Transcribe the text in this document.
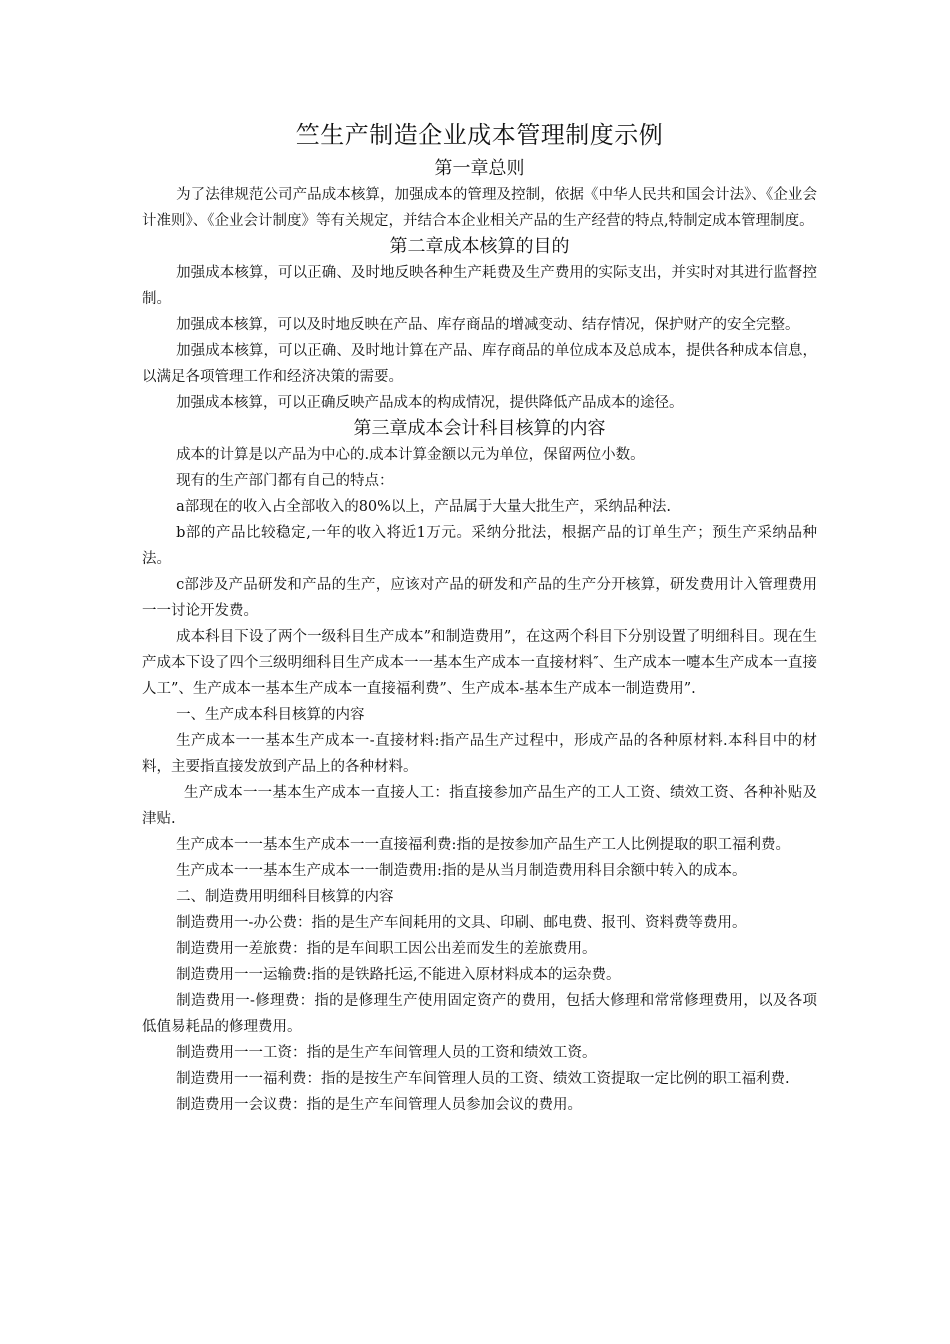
竺生产制造企业成本管理制度示例
第一章总则

为了法律规范公司产品成本核算，加强成本的管理及控制，依据《中华人民共和国会计法》、《企业会计准则》、《企业会计制度》等有关规定，并结合本企业相关产品的生产经营的特点,特制定成本管理制度。

第二章成本核算的目的

加强成本核算，可以正确、及时地反映各种生产耗费及生产费用的实际支出，并实时对其进行监督控制。

加强成本核算，可以及时地反映在产品、库存商品的增减变动、结存情况，保护财产的安全完整。

加强成本核算，可以正确、及时地计算在产品、库存商品的单位成本及总成本，提供各种成本信息，以满足各项管理工作和经济决策的需要。

加强成本核算，可以正确反映产品成本的构成情况，提供降低产品成本的途径。

第三章成本会计科目核算的内容

成本的计算是以产品为中心的.成本计算金额以元为单位，保留两位小数。

现有的生产部门都有自己的特点：

a部现在的收入占全部收入的80%以上，产品属于大量大批生产，采纳品种法.

b部的产品比较稳定,一年的收入将近1万元。采纳分批法，根据产品的订单生产；预生产采纳品种法。

c部涉及产品研发和产品的生产，应该对产品的研发和产品的生产分开核算，研发费用计入管理费用一一讨论开发费。

成本科目下设了两个一级科目生产成本”和制造费用”，在这两个科目下分别设置了明细科目。现在生产成本下设了四个三级明细科目生产成本一一基本生产成本一直接材料″、生产成本一嚏本生产成本一直接人工”、生产成本一基本生产成本一直接福利费”、生产成本-基本生产成本一制造费用”.

一、生产成本科目核算的内容

生产成本一一基本生产成本一-直接材料:指产品生产过程中，形成产品的各种原材料.本科目中的材料，主要指直接发放到产品上的各种材料。

生产成本一一基本生产成本一直接人工：指直接参加产品生产的工人工资、绩效工资、各种补贴及津贴.

生产成本一一基本生产成本一一直接福利费:指的是按参加产品生产工人比例提取的职工福利费。

生产成本一一基本生产成本一一制造费用:指的是从当月制造费用科目余额中转入的成本。

二、制造费用明细科目核算的内容

制造费用一-办公费：指的是生产车间耗用的文具、印刷、邮电费、报刊、资料费等费用。

制造费用一差旅费：指的是车间职工因公出差而发生的差旅费用。

制造费用一一运输费:指的是铁路托运,不能进入原材料成本的运杂费。

制造费用一-修理费：指的是修理生产使用固定资产的费用，包括大修理和常常修理费用，以及各项低值易耗品的修理费用。

制造费用一一工资：指的是生产车间管理人员的工资和绩效工资。

制造费用一一福利费：指的是按生产车间管理人员的工资、绩效工资提取一定比例的职工福利费.

制造费用一会议费：指的是生产车间管理人员参加会议的费用。
